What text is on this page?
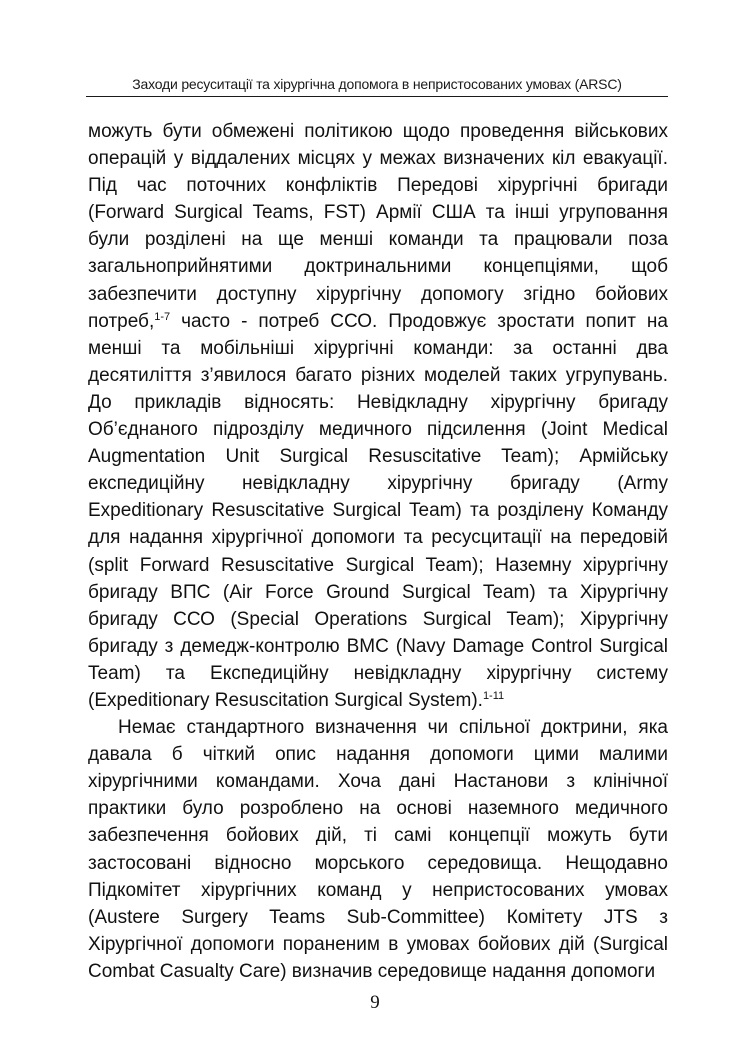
Заходи ресуситації та хірургічна допомога в непристосованих умовах (ARSC)
можуть бути обмежені політикою щодо проведення військових
операцій у віддалених місцях у межах визначених кіл евакуації.
Під час поточних конфліктів Передові хірургічні бригади
(Forward Surgical Teams, FST) Армії США та інші угруповання
були розділені на ще менші команди та працювали поза
загальноприйнятими доктринальними концепціями, щоб
забезпечити доступну хірургічну допомогу згідно бойових
потреб,$^{1-7}$ часто - потреб ССО. Продовжує зростати попит на
менші та мобільніші хірургічні команди: за останні два
десятиліття з’явилося багато різних моделей таких угрупувань.
До прикладів відносять: Невідкладну хірургічну бригаду
Об’єднаного підрозділу медичного підсилення (Joint Medical
Augmentation Unit Surgical Resuscitative Team); Армійську
експедиційну невідкладну хірургічну бригаду (Army
Expeditionary Resuscitative Surgical Team) та розділену Команду
для надання хірургічної допомоги та ресусцитації на передовій
(split Forward Resuscitative Surgical Team); Наземну хірургічну
бригаду ВПС (Air Force Ground Surgical Team) та Хірургічну
бригаду ССО (Special Operations Surgical Team); Хірургічну
бригаду з демедж-контролю ВМС (Navy Damage Control Surgical
Team) та Експедиційну невідкладну хірургічну систему
(Expeditionary Resuscitation Surgical System).$^{1-11}$
Немає стандартного визначення чи спільної доктрини, яка
давала б чіткий опис надання допомоги цими малими
хірургічними командами. Хоча дані Настанови з клінічної
практики було розроблено на основі наземного медичного
забезпечення бойових дій, ті самі концепції можуть бути
застосовані відносно морського середовища. Нещодавно
Підкомітет хірургічних команд у непристосованих умовах
(Austere Surgery Teams Sub-Committee) Комітету JTS з
Хірургічної допомоги пораненим в умовах бойових дій (Surgical
Combat Casualty Care) визначив середовище надання допомоги
9
